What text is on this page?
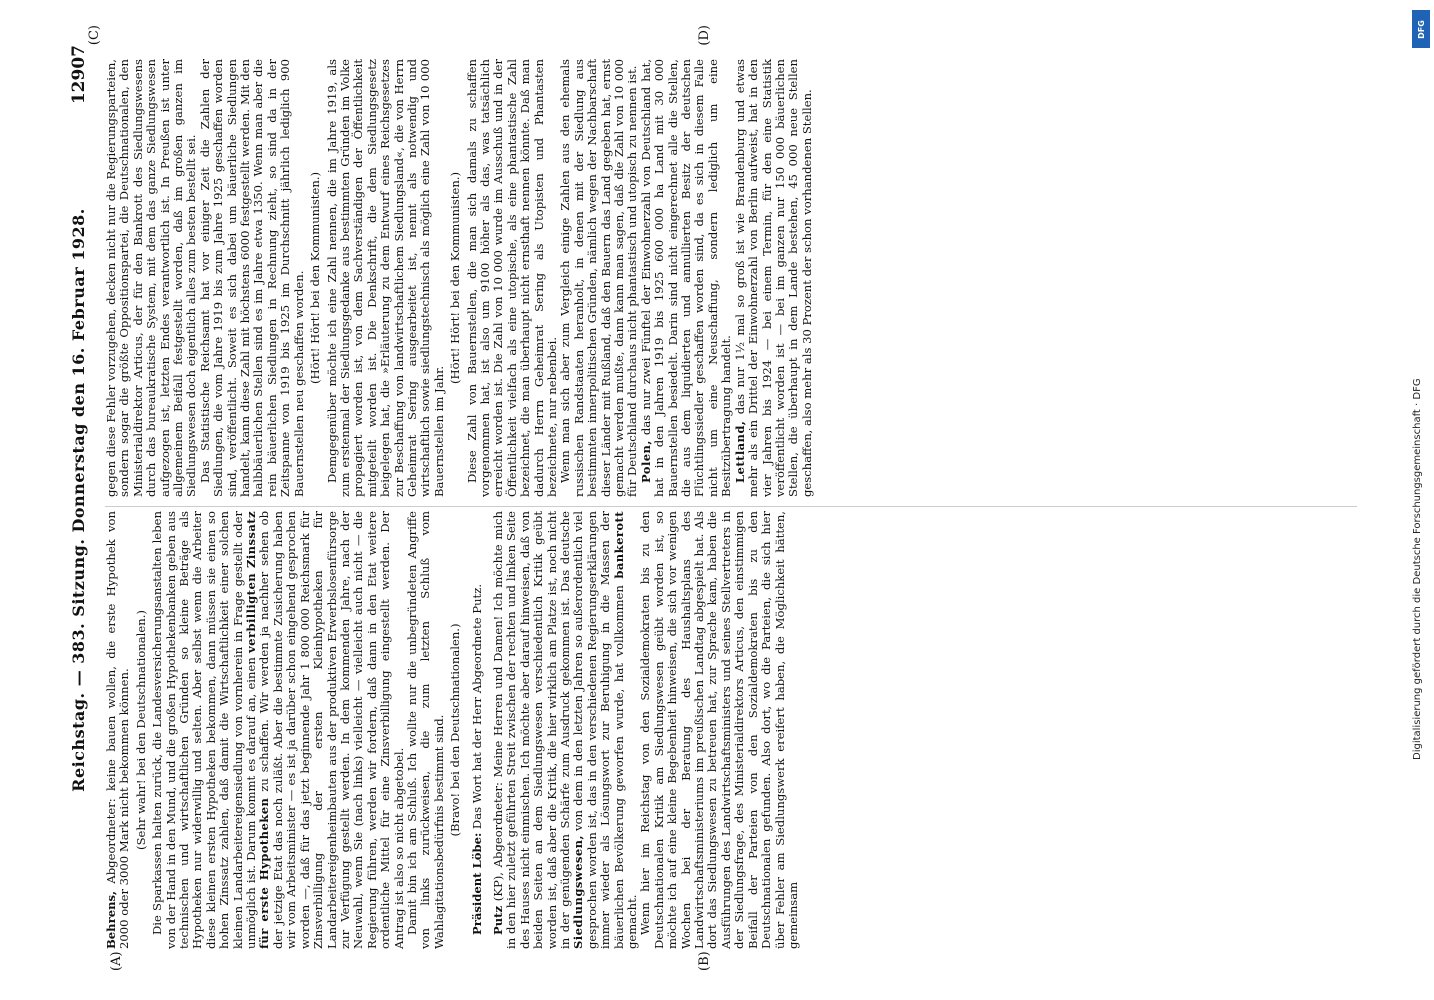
Reichstag. — 383. Sitzung. Donnerstag den 16. Februar 1928.
12907
(A)	(B)
(C)	(D)

Behrens, Abgeordneter: keine bauen wollen, die erste Hypothek von 2000 oder 3000 Mark nicht bekommen können. (Sehr wahr! bei den Deutschnationalen.) Die Sparkassen halten zurück, die Landesversicherungsanstalten leben von der Hand in den Mund, und die großen Hypothekenbanken geben aus technischen und wirtschaftlichen Gründen so kleine Beträge als Hypotheken nur widerwillig und selten. Aber selbst wenn die Arbeiter diese kleinen ersten Hypotheken bekommen, dann müssen sie einen so hohen Zinssatz zahlen, daß damit die Wirtschaftlichkeit einer solchen kleinen Landarbeitereigensiedlung von vornherein in Frage gestellt oder unmöglich ist. Darum kommt es darauf an, einen verbilligten Zinssatz für erste Hypotheken zu schaffen. Wir werden ja nachher sehen ob der jetzige Etat das noch zuläßt. Aber die bestimmte Zusicherung haben wir vom Arbeitsminister — es ist ja darüber schon eingehend gesprochen worden —, daß für das jetzt beginnende Jahr 1 800 000 Reichsmark für Zinsverbilligung der ersten Kleinhypotheken für Landarbeitereigenheimbauten aus der produktiven Erwerbslosenfürsorge zur Verfügung gestellt werden. In dem kommenden Jahre, nach der Neuwahl, wenn Sie (nach links) vielleicht — vielleicht auch nicht — die Regierung führen, werden wir fordern, daß dann in den Etat weitere ordentliche Mittel für eine Zinsverbilligung eingestellt werden. Der Antrag ist also so nicht abgetobel. Damit bin ich am Schluß. Ich wollte nur die unbegründeten Angriffe von links zurückweisen, die zum letzten Schluß vom Wahlagitationsbedürfnis bestimmt sind. (Bravo! bei den Deutschnationalen.)

Präsident Löbe: Das Wort hat der Herr Abgeordnete Putz.

Putz (KP), Abgeordneter: Meine Herren und Damen! Ich möchte mich in den hier zuletzt geführten Streit zwischen der rechten und linken Seite des Hauses nicht einmischen. Ich möchte aber darauf hinweisen, daß von beiden Seiten an dem Siedlungswesen verschiedentlich Kritik geübt worden ist, daß aber die Kritik, die hier wirklich am Platze ist, noch nicht in der genügenden Schärfe zum Ausdruck gekommen ist. Das deutsche Siedlungswesen, von dem in den letzten Jahren so außerordentlich viel gesprochen worden ist, das in den verschiedenen Regierungserklärungen immer wieder als Lösungswort zur Beruhigung in die Massen der bäuerlichen Bevölkerung geworfen wurde, hat vollkommen bankerott gemacht. Wenn hier im Reichstag von den Sozialdemokraten bis zu den Deutschnationalen Kritik am Siedlungswesen geübt worden ist, so möchte ich auf eine kleine Begebenheit hinweisen, die sich vor wenigen Wochen bei der Beratung des Haushaltsplans des Landwirtschaftsministeriums im preußischen Landtag abgespielt hat. Als dort das Siedlungswesen zu betreuen hat, zur Sprache kam, haben die Ausführungen des Landwirtschaftsministers und seines Stellvertreters in der Siedlungsfrage, des Ministerialdirektors Articus, den einstimmigen Beifall der Parteien von den Sozialdemokraten bis zu den Deutschnationalen gefunden. Also dort, wo die Parteien, die sich hier über Fehler am Siedlungswerk ereifert haben, die Möglichkeit hätten, gemeinsam

gegen diese Fehler vorzugehen, decken nicht nur die Regierungsparteien, sondern sogar die größte Oppositionspartei, die Deutschnationalen, den Ministerialdirektor Articus, der für den Bankrott des Siedlungswesens durch das bureaukratische System, mit dem das ganze Siedlungswesen aufgezogen ist, letzten Endes verantwortlich ist. In Preußen ist unter allgemeinem Beifall festgestellt worden, daß im großen ganzen im Siedlungswesen doch eigentlich alles zum besten bestellt sei. Das Statistische Reichsamt hat vor einiger Zeit die Zahlen der Siedlungen, die vom Jahre 1919 bis zum Jahre 1925 geschaffen worden sind, veröffentlicht. Soweit es sich dabei um bäuerliche Siedlungen handelt, kann diese Zahl mit höchstens 6000 festgestellt werden. Mit den halbbäuerlichen Stellen sind es im Jahre etwa 1350. Wenn man aber die rein bäuerlichen Siedlungen in Rechnung zieht, so sind da in der Zeitspanne von 1919 bis 1925 im Durchschnitt jährlich lediglich 900 Bauernstellen neu geschaffen worden. (Hört! Hört! bei den Kommunisten.) Demgegenüber möchte ich eine Zahl nennen, die im Jahre 1919, als zum erstenmal der Siedlungsgedanke aus bestimmten Gründen im Volke propagiert worden ist, von dem Sachverständigen der Öffentlichkeit mitgeteilt worden ist. Die Denkschrift, die dem Siedlungsgesetz beigelegen hat, die »Erläuterung zu dem Entwurf eines Reichsgesetzes zur Beschaffung von landwirtschaftlichem Siedlungsland«, die von Herrn Geheimrat Sering ausgearbeitet ist, nennt als notwendig und wirtschaftlich sowie siedlungstechnisch als möglich eine Zahl von 10 000 Bauernstellen im Jahr.

(Hört! Hört! bei den Kommunisten.) Diese Zahl von Bauernstellen, die man sich damals zu schaffen vorgenommen hat, ist also um 9100 höher als das, was tatsächlich erreicht worden ist. Die Zahl von 10 000 wurde im Ausschuß und in der Öffentlichkeit vielfach als eine utopische, als eine phantastische Zahl bezeichnet, die man überhaupt nicht ernsthaft nennen könnte. Daß man dadurch Herrn Geheimrat Sering als Utopisten und Phantasten bezeichnete, nur nebenbei. Wenn man sich aber zum Vergleich einige Zahlen aus den ehemals russischen Randstaaten heranholt, in denen mit der Siedlung aus bestimmten innerpolitischen Gründen, nämlich wegen der Nachbarschaft dieser Länder mit Rußland, daß den Bauern das Land gegeben hat, ernst gemacht werden mußte, dann kann man sagen, daß die Zahl von 10 000 für Deutschland durchaus nicht phantastisch und utopisch zu nennen ist. Polen, das nur zwei Fünftel der Einwohnerzahl von Deutschland hat, hat in den Jahren 1919 bis 1925 600 000 ha Land mit 30 000 Bauernstellen besiedelt. Darin sind nicht eingerechnet alle die Stellen, die aus dem liquidierten und annullierten Besitz der deutschen Flüchtlingssiedler geschaffen worden sind, da es sich in diesem Falle nicht um eine Neuschaffung, sondern lediglich um eine Besitzübertragung handelt. Lettland, das nur 1½ mal so groß ist wie Brandenburg und etwas mehr als ein Drittel der Einwohnerzahl von Berlin aufweist, hat in den vier Jahren bis 1924 — bei einem Termin, für den eine Statistik veröffentlicht worden ist — bei im ganzen nur 150 000 bäuerlichen Stellen, die überhaupt in dem Lande bestehen, 45 000 neue Stellen geschaffen, also mehr als 30 Prozent der schon vorhandenen Stellen.

DFG
Digitalisierung gefördert durch die Deutsche Forschungsgemeinschaft · DFG
